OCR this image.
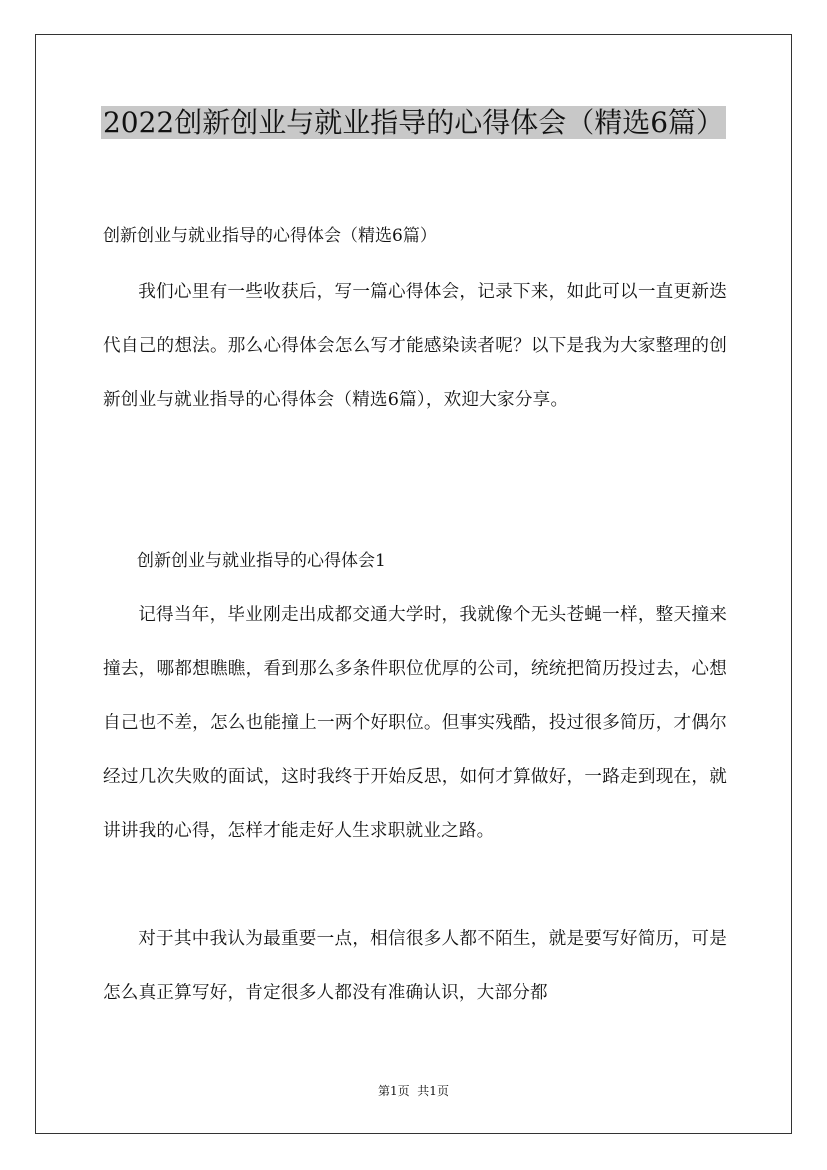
2022创新创业与就业指导的心得体会（精选6篇）

创新创业与就业指导的心得体会（精选6篇）

我们心里有一些收获后，写一篇心得体会，记录下来，如此可以一直更新迭代自己的想法。那么心得体会怎么写才能感染读者呢？以下是我为大家整理的创新创业与就业指导的心得体会（精选6篇），欢迎大家分享。

创新创业与就业指导的心得体会1

记得当年，毕业刚走出成都交通大学时，我就像个无头苍蝇一样，整天撞来撞去，哪都想瞧瞧，看到那么多条件职位优厚的公司，统统把简历投过去，心想自己也不差，怎么也能撞上一两个好职位。但事实残酷，投过很多简历，才偶尔经过几次失败的面试，这时我终于开始反思，如何才算做好，一路走到现在，就讲讲我的心得，怎样才能走好人生求职就业之路。

对于其中我认为最重要一点，相信很多人都不陌生，就是要写好简历，可是怎么真正算写好，肯定很多人都没有准确认识，大部分都

第1页  共1页
